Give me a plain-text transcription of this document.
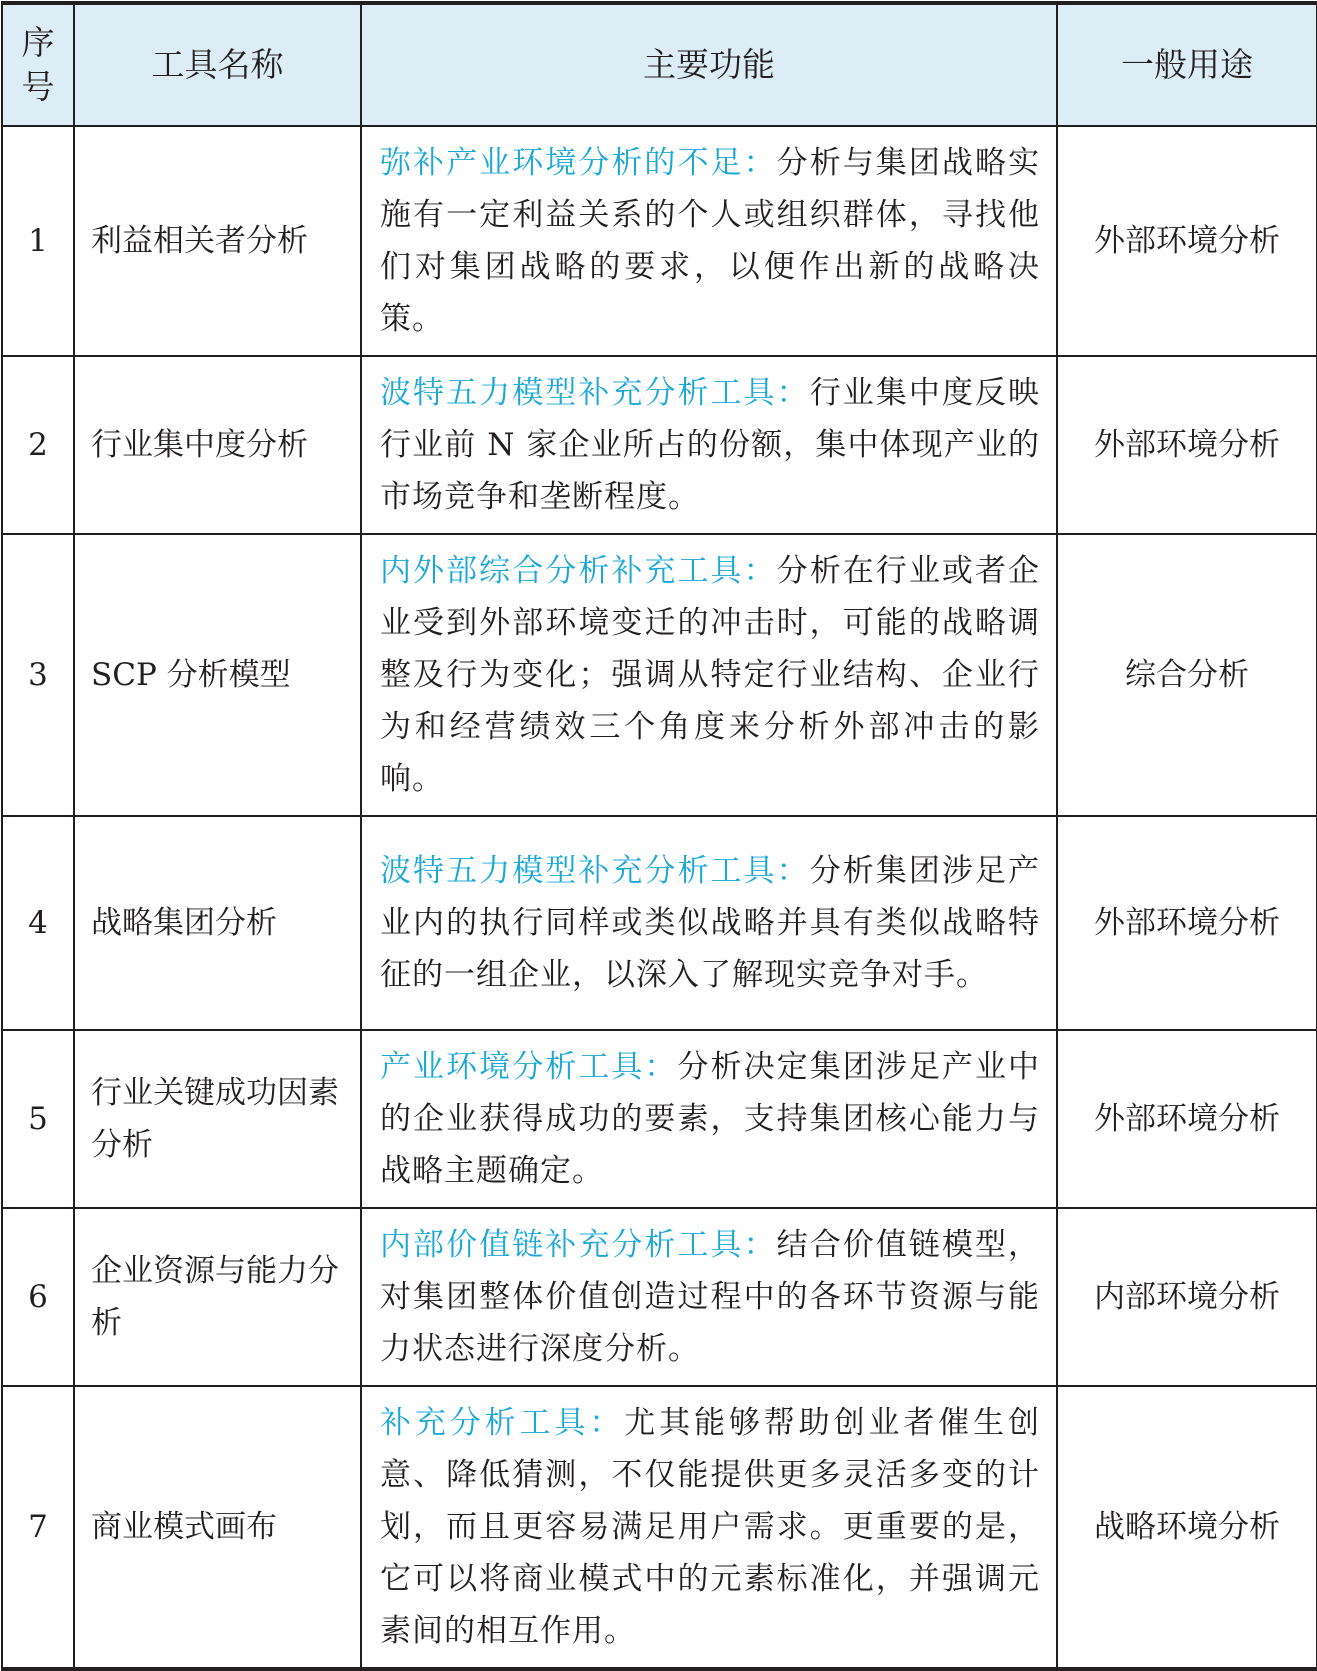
序号	工具名称	主要功能	一般用途
1	利益相关者分析	弥补产业环境分析的不足：分析与集团战略实施有一定利益关系的个人或组织群体，寻找他们对集团战略的要求，以便作出新的战略决策。	外部环境分析
2	行业集中度分析	波特五力模型补充分析工具：行业集中度反映行业前 N 家企业所占的份额，集中体现产业的市场竞争和垄断程度。	外部环境分析
3	SCP 分析模型	内外部综合分析补充工具：分析在行业或者企业受到外部环境变迁的冲击时，可能的战略调整及行为变化；强调从特定行业结构、企业行为和经营绩效三个角度来分析外部冲击的影响。	综合分析
4	战略集团分析	波特五力模型补充分析工具：分析集团涉足产业内的执行同样或类似战略并具有类似战略特征的一组企业，以深入了解现实竞争对手。	外部环境分析
5	行业关键成功因素分析	产业环境分析工具：分析决定集团涉足产业中的企业获得成功的要素，支持集团核心能力与战略主题确定。	外部环境分析
6	企业资源与能力分析	内部价值链补充分析工具：结合价值链模型，对集团整体价值创造过程中的各环节资源与能力状态进行深度分析。	内部环境分析
7	商业模式画布	补充分析工具：尤其能够帮助创业者催生创意、降低猜测，不仅能提供更多灵活多变的计划，而且更容易满足用户需求。更重要的是，它可以将商业模式中的元素标准化，并强调元素间的相互作用。	战略环境分析
